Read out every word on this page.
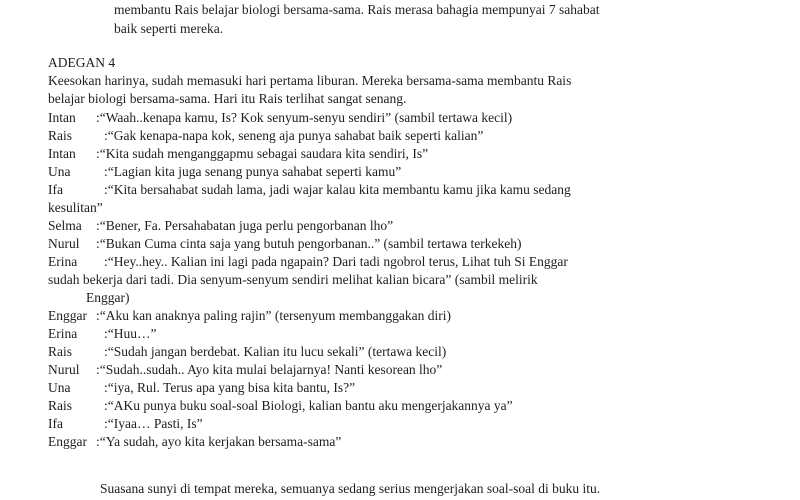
membantu Rais belajar biologi bersama-sama. Rais merasa bahagia mempunyai 7 sahabat
baik seperti mereka.
ADEGAN 4
Keesokan harinya, sudah memasuki hari pertama liburan. Mereka bersama-sama membantu Rais
belajar biologi bersama-sama. Hari itu Rais terlihat sangat senang.
Intan :“Waah..kenapa kamu, Is? Kok senyum-senyu sendiri” (sambil tertawa kecil)
Rais :“Gak kenapa-napa kok, seneng aja punya sahabat baik seperti kalian”
Intan :“Kita sudah menganggapmu sebagai saudara kita sendiri, Is”
Una :“Lagian kita juga senang punya sahabat seperti kamu”
Ifa	:“Kita bersahabat sudah lama, jadi wajar kalau kita membantu kamu jika kamu sedang
kesulitan”
Selma :“Bener, Fa. Persahabatan juga perlu pengorbanan lho”
Nurul :“Bukan Cuma cinta saja yang butuh pengorbanan..” (sambil tertawa terkekeh)
Erina :“Hey..hey.. Kalian ini lagi pada ngapain? Dari tadi ngobrol terus, Lihat tuh Si Enggar
sudah bekerja dari tadi. Dia senyum-senyum sendiri melihat kalian bicara” (sambil melirik
Enggar)
Enggar :“Aku kan anaknya paling rajin” (tersenyum membanggakan diri)
Erina :“Huu…”
Rais :“Sudah jangan berdebat. Kalian itu lucu sekali” (tertawa kecil)
Nurul :“Sudah..sudah.. Ayo kita mulai belajarnya! Nanti kesorean lho”
Una :“iya, Rul. Terus apa yang bisa kita bantu, Is?”
Rais :“AKu punya buku soal-soal Biologi, kalian bantu aku mengerjakannya ya”
Ifa	:“Iyaa… Pasti, Is”
Enggar :“Ya sudah, ayo kita kerjakan bersama-sama”
Suasana sunyi di tempat mereka, semuanya sedang serius mengerjakan soal-soal di buku itu.
